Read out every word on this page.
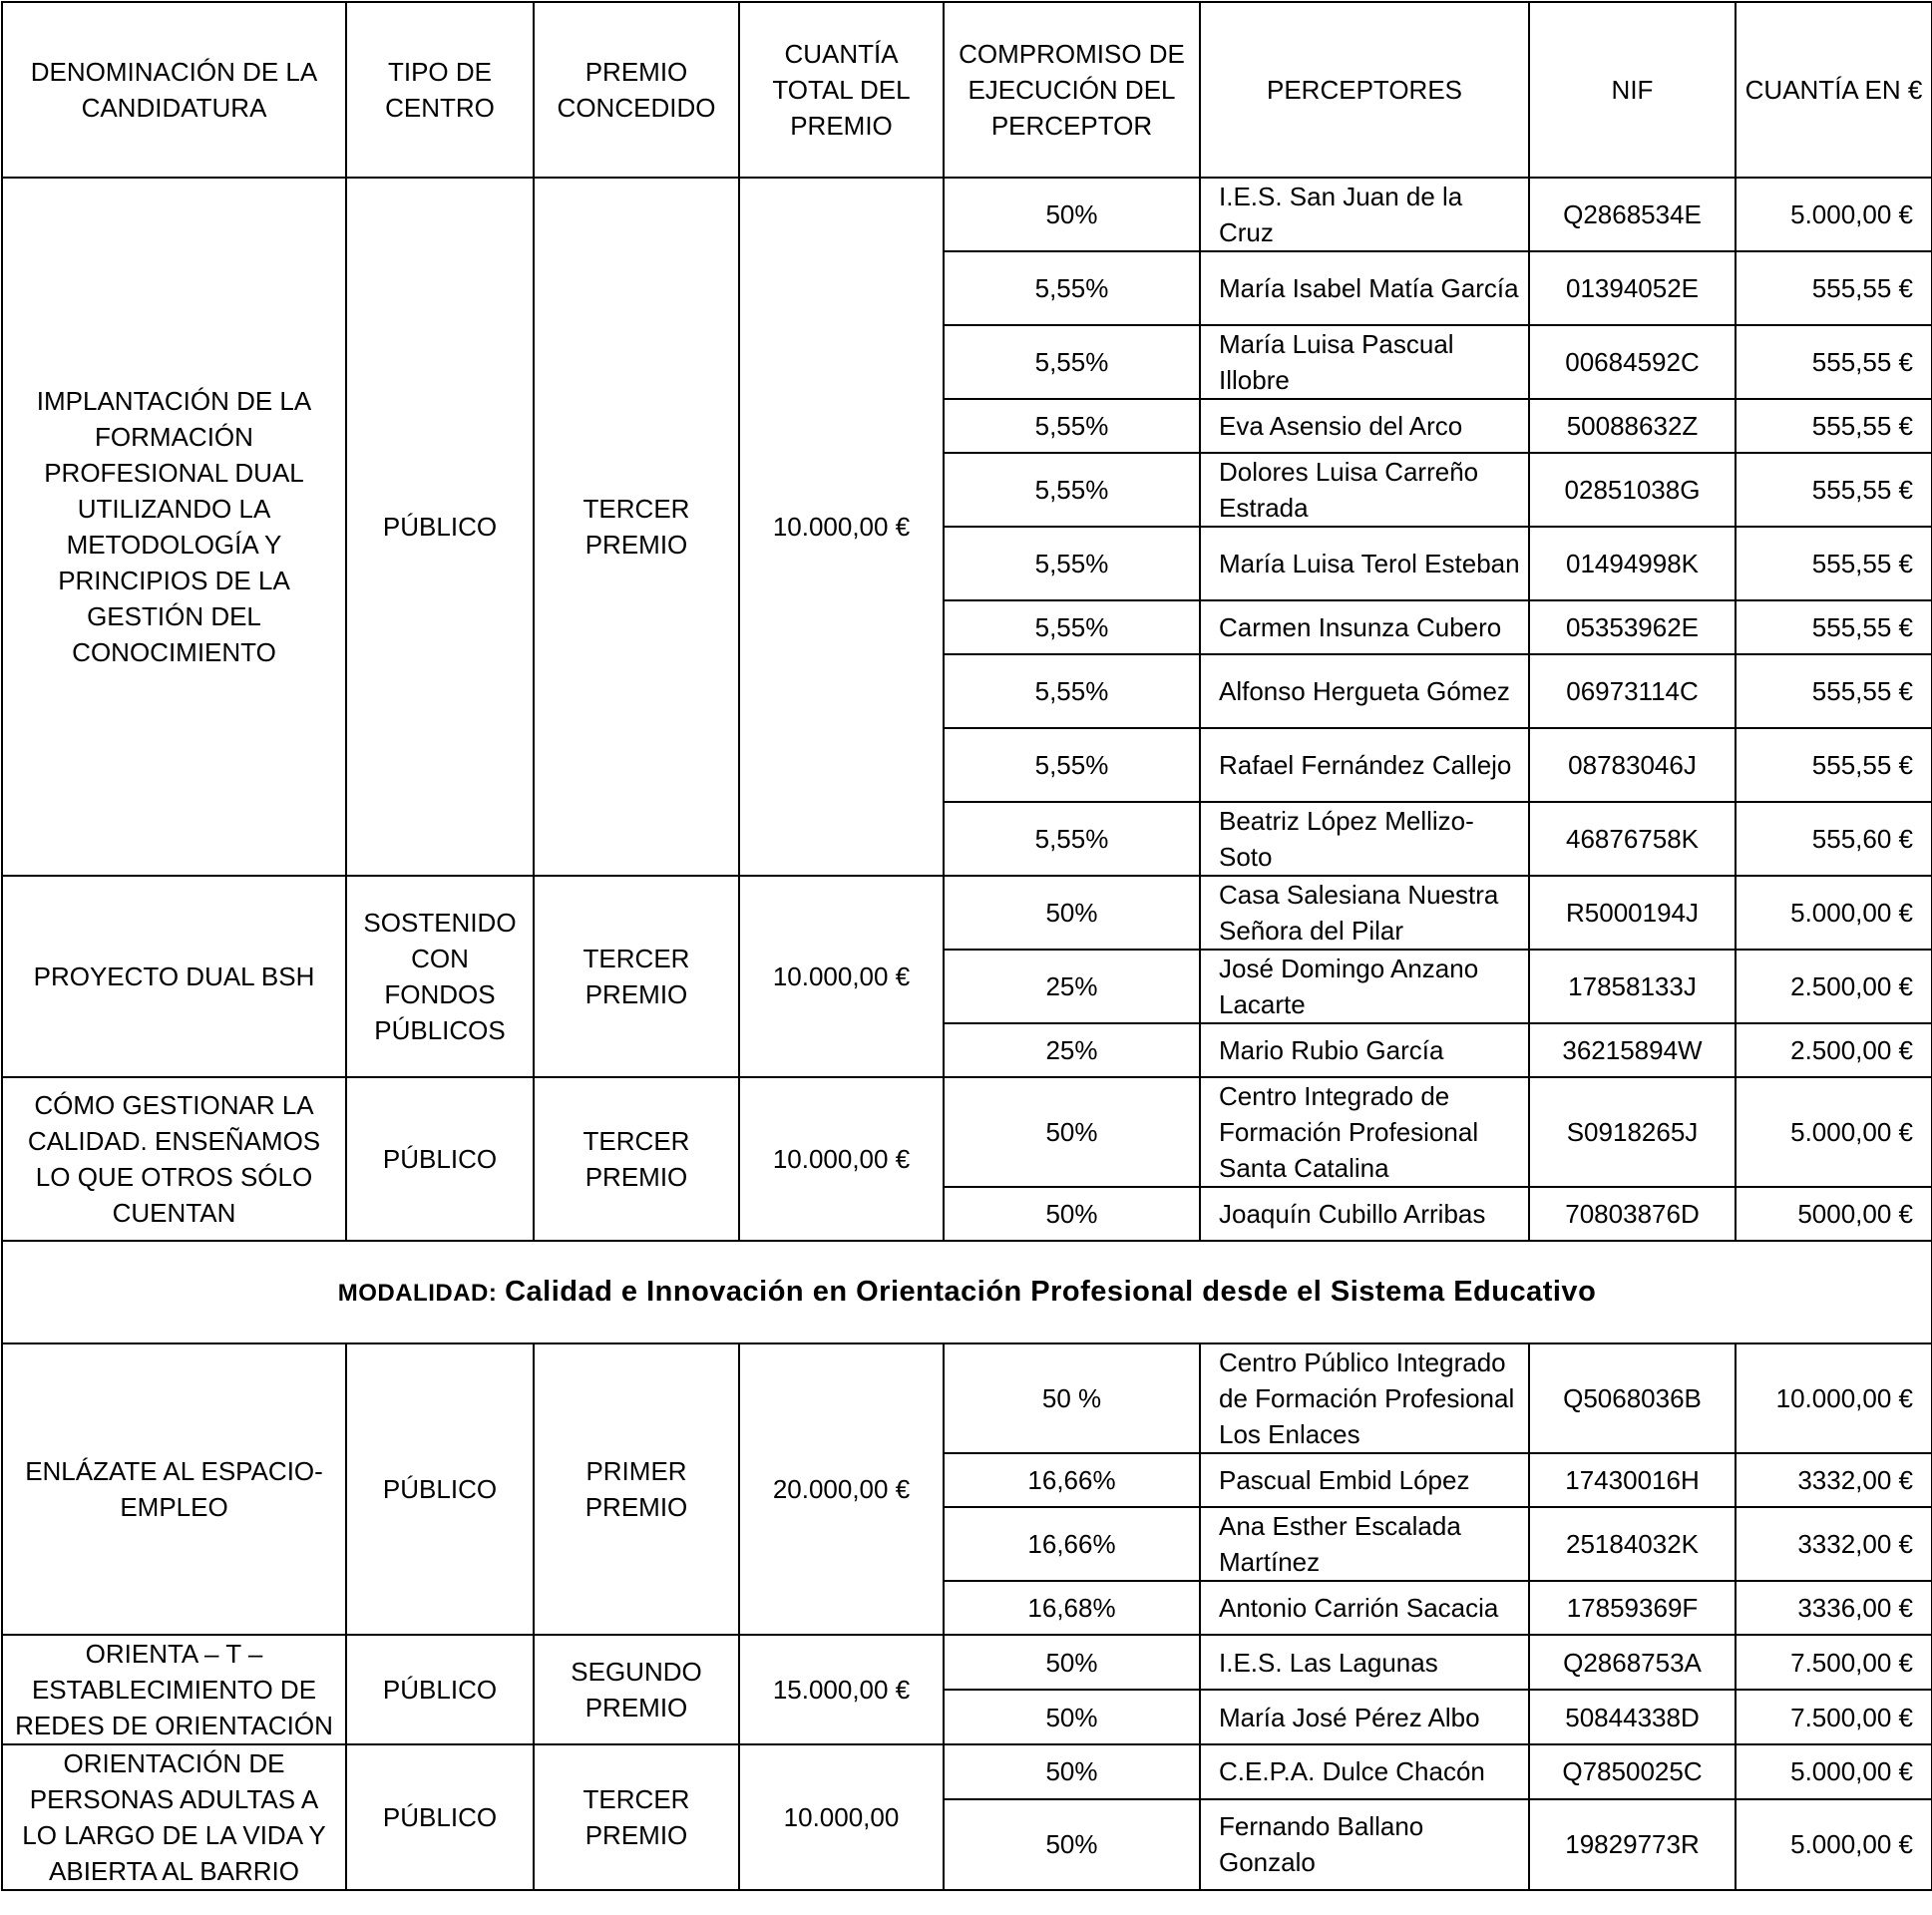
DENOMINACIÓN DE LA CANDIDATURA	TIPO DE CENTRO	PREMIO CONCEDIDO	CUANTÍA TOTAL DEL PREMIO	COMPROMISO DE EJECUCIÓN DEL PERCEPTOR	PERCEPTORES	NIF	CUANTÍA EN €
IMPLANTACIÓN DE LA FORMACIÓN PROFESIONAL DUAL UTILIZANDO LA METODOLOGÍA Y PRINCIPIOS DE LA GESTIÓN DEL CONOCIMIENTO	PÚBLICO	TERCER PREMIO	10.000,00 €	50%	I.E.S. San Juan de la Cruz	Q2868534E	5.000,00 €
				5,55%	María Isabel Matía García	01394052E	555,55 €
				5,55%	María Luisa Pascual Illobre	00684592C	555,55 €
				5,55%	Eva Asensio del Arco	50088632Z	555,55 €
				5,55%	Dolores Luisa Carreño Estrada	02851038G	555,55 €
				5,55%	María Luisa Terol Esteban	01494998K	555,55 €
				5,55%	Carmen Insunza Cubero	05353962E	555,55 €
				5,55%	Alfonso Hergueta Gómez	06973114C	555,55 €
				5,55%	Rafael Fernández Callejo	08783046J	555,55 €
				5,55%	Beatriz López Mellizo-Soto	46876758K	555,60 €
PROYECTO DUAL BSH	SOSTENIDO CON FONDOS PÚBLICOS	TERCER PREMIO	10.000,00 €	50%	Casa Salesiana Nuestra Señora del Pilar	R5000194J	5.000,00 €
				25%	José Domingo Anzano Lacarte	17858133J	2.500,00 €
				25%	Mario Rubio García	36215894W	2.500,00 €
CÓMO GESTIONAR LA CALIDAD. ENSEÑAMOS LO QUE OTROS SÓLO CUENTAN	PÚBLICO	TERCER PREMIO	10.000,00 €	50%	Centro Integrado de Formación Profesional Santa Catalina	S0918265J	5.000,00 €
				50%	Joaquín Cubillo Arribas	70803876D	5000,00 €
MODALIDAD: Calidad e Innovación en Orientación Profesional desde el Sistema Educativo							
ENLÁZATE AL ESPACIO-EMPLEO	PÚBLICO	PRIMER PREMIO	20.000,00 €	50 %	Centro Público Integrado de Formación Profesional Los Enlaces	Q5068036B	10.000,00 €
				16,66%	Pascual Embid López	17430016H	3332,00 €
				16,66%	Ana Esther Escalada Martínez	25184032K	3332,00 €
				16,68%	Antonio Carrión Sacacia	17859369F	3336,00 €
ORIENTA – T – ESTABLECIMIENTO DE REDES DE ORIENTACIÓN	PÚBLICO	SEGUNDO PREMIO	15.000,00 €	50%	I.E.S. Las Lagunas	Q2868753A	7.500,00 €
				50%	María José Pérez Albo	50844338D	7.500,00 €
ORIENTACIÓN DE PERSONAS ADULTAS A LO LARGO DE LA VIDA Y ABIERTA AL BARRIO	PÚBLICO	TERCER PREMIO	10.000,00	50%	C.E.P.A. Dulce Chacón	Q7850025C	5.000,00 €
				50%	Fernando Ballano Gonzalo	19829773R	5.000,00 €
